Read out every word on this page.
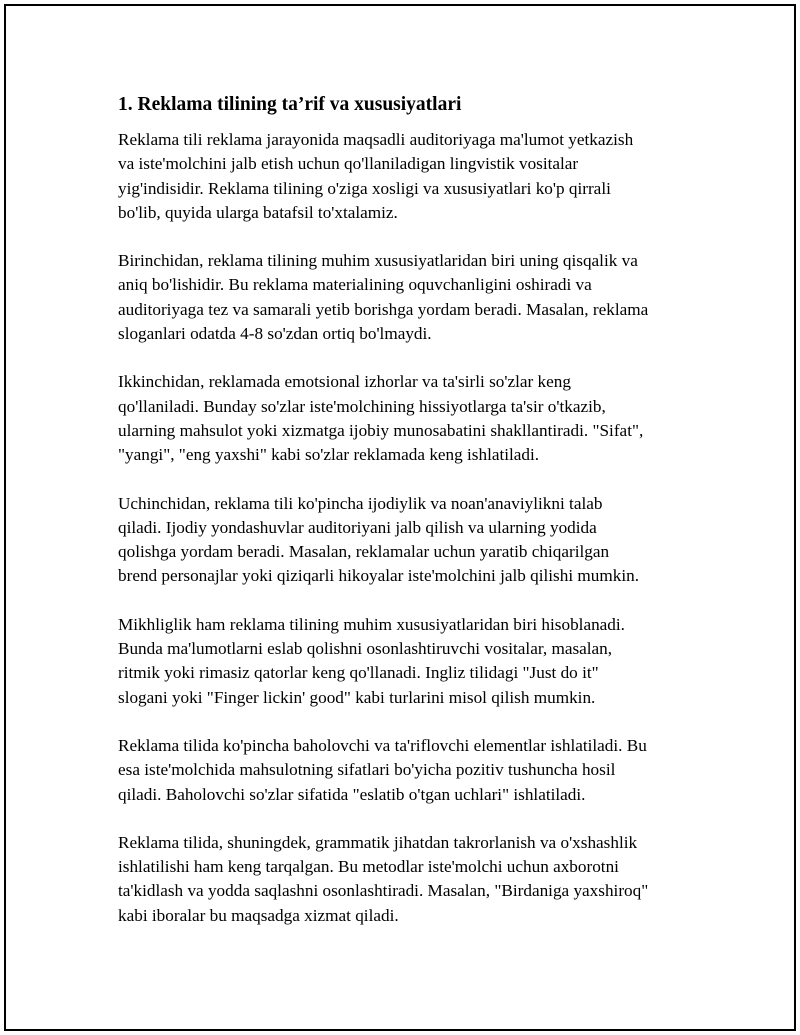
1. Reklama tilining ta’rif va xususiyatlari
Reklama tili reklama jarayonida maqsadli auditoriyaga ma'lumot yetkazish
va iste'molchini jalb etish uchun qo'llaniladigan lingvistik vositalar
yig'indisidir. Reklama tilining o'ziga xosligi va xususiyatlari ko'p qirrali
bo'lib, quyida ularga batafsil to'xtalamiz.
Birinchidan, reklama tilining muhim xususiyatlaridan biri uning qisqalik va
aniq bo'lishidir. Bu reklama materialining oquvchanligini oshiradi va
auditoriyaga tez va samarali yetib borishga yordam beradi. Masalan, reklama
sloganlari odatda 4-8 so'zdan ortiq bo'lmaydi.
Ikkinchidan, reklamada emotsional izhorlar va ta'sirli so'zlar keng
qo'llaniladi. Bunday so'zlar iste'molchining hissiyotlarga ta'sir o'tkazib,
ularning mahsulot yoki xizmatga ijobiy munosabatini shakllantiradi. "Sifat",
"yangi", "eng yaxshi" kabi so'zlar reklamada keng ishlatiladi.
Uchinchidan, reklama tili ko'pincha ijodiylik va noan'anaviylikni talab
qiladi. Ijodiy yondashuvlar auditoriyani jalb qilish va ularning yodida
qolishga yordam beradi. Masalan, reklamalar uchun yaratib chiqarilgan
brend personajlar yoki qiziqarli hikoyalar iste'molchini jalb qilishi mumkin.
Mikhliglik ham reklama tilining muhim xususiyatlaridan biri hisoblanadi.
Bunda ma'lumotlarni eslab qolishni osonlashtiruvchi vositalar, masalan,
ritmik yoki rimasiz qatorlar keng qo'llanadi. Ingliz tilidagi "Just do it"
slogani yoki "Finger lickin' good" kabi turlarini misol qilish mumkin.
Reklama tilida ko'pincha baholovchi va ta'riflovchi elementlar ishlatiladi. Bu
esa iste'molchida mahsulotning sifatlari bo'yicha pozitiv tushuncha hosil
qiladi. Baholovchi so'zlar sifatida "eslatib o'tgan uchlari" ishlatiladi.
Reklama tilida, shuningdek, grammatik jihatdan takrorlanish va o'xshashlik
ishlatilishi ham keng tarqalgan. Bu metodlar iste'molchi uchun axborotni
ta'kidlash va yodda saqlashni osonlashtiradi. Masalan, "Birdaniga yaxshiroq"
kabi iboralar bu maqsadga xizmat qiladi.
